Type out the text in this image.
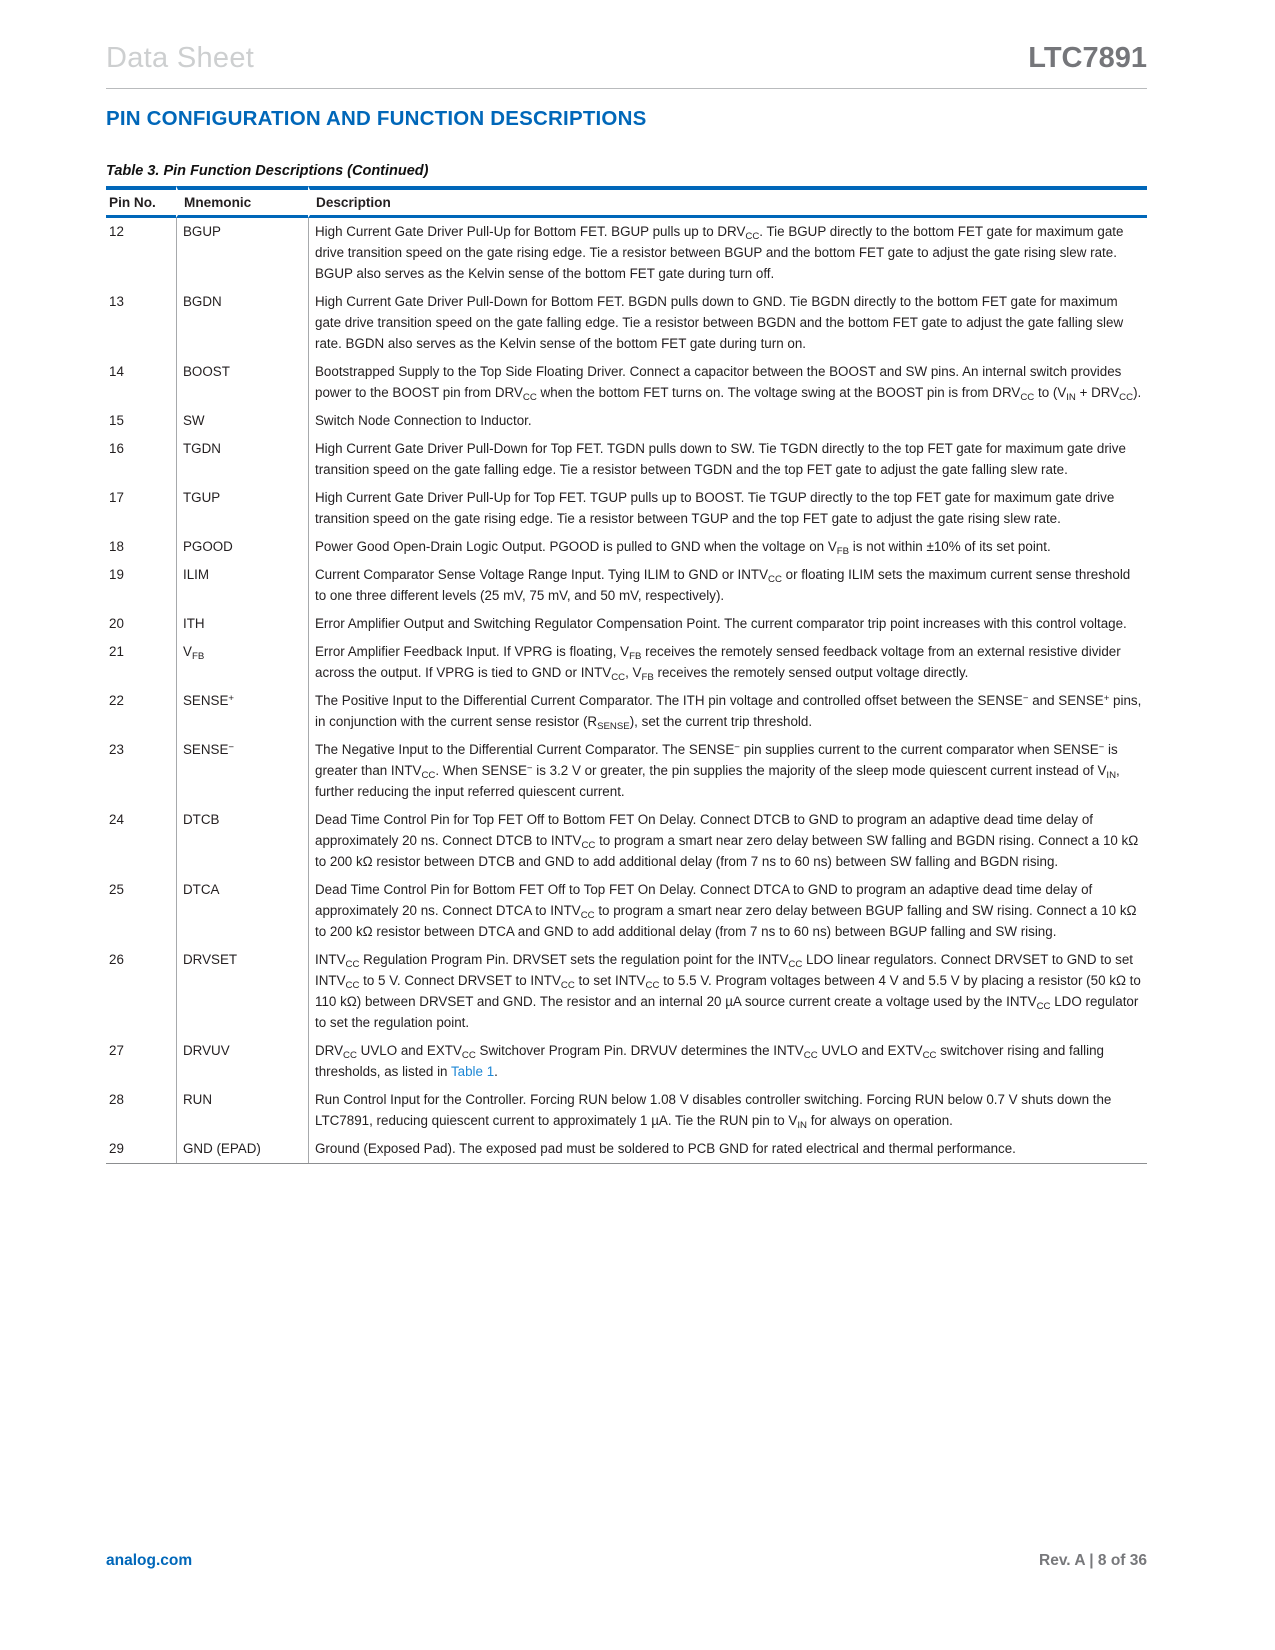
Data Sheet	LTC7891
PIN CONFIGURATION AND FUNCTION DESCRIPTIONS
Table 3. Pin Function Descriptions (Continued)
Pin No.	Mnemonic	Description
12	BGUP	High Current Gate Driver Pull-Up for Bottom FET. BGUP pulls up to $DRV_{CC}$. Tie BGUP directly to the bottom FET gate for maximum gate drive transition speed on the gate rising edge. Tie a resistor between BGUP and the bottom FET gate to adjust the gate rising slew rate. BGUP also serves as the Kelvin sense of the bottom FET gate during turn off.
13	BGDN	High Current Gate Driver Pull-Down for Bottom FET. BGDN pulls down to GND. Tie BGDN directly to the bottom FET gate for maximum gate drive transition speed on the gate falling edge. Tie a resistor between BGDN and the bottom FET gate to adjust the gate falling slew rate. BGDN also serves as the Kelvin sense of the bottom FET gate during turn on.
14	BOOST	Bootstrapped Supply to the Top Side Floating Driver. Connect a capacitor between the BOOST and SW pins. An internal switch provides power to the BOOST pin from $DRV_{CC}$ when the bottom FET turns on. The voltage swing at the BOOST pin is from $DRV_{CC}$ to $(V_{IN} + DRV_{CC})$.
15	SW	Switch Node Connection to Inductor.
16	TGDN	High Current Gate Driver Pull-Down for Top FET. TGDN pulls down to SW. Tie TGDN directly to the top FET gate for maximum gate drive transition speed on the gate falling edge. Tie a resistor between TGDN and the top FET gate to adjust the gate falling slew rate.
17	TGUP	High Current Gate Driver Pull-Up for Top FET. TGUP pulls up to BOOST. Tie TGUP directly to the top FET gate for maximum gate drive transition speed on the gate rising edge. Tie a resistor between TGUP and the top FET gate to adjust the gate rising slew rate.
18	PGOOD	Power Good Open-Drain Logic Output. PGOOD is pulled to GND when the voltage on $V_{FB}$ is not within ±10% of its set point.
19	ILIM	Current Comparator Sense Voltage Range Input. Tying ILIM to GND or $INTV_{CC}$ or floating ILIM sets the maximum current sense threshold to one three different levels (25 mV, 75 mV, and 50 mV, respectively).
20	ITH	Error Amplifier Output and Switching Regulator Compensation Point. The current comparator trip point increases with this control voltage.
21	$V_{FB}$	Error Amplifier Feedback Input. If VPRG is floating, $V_{FB}$ receives the remotely sensed feedback voltage from an external resistive divider across the output. If VPRG is tied to GND or $INTV_{CC}$, $V_{FB}$ receives the remotely sensed output voltage directly.
22	SENSE+	The Positive Input to the Differential Current Comparator. The ITH pin voltage and controlled offset between the SENSE− and SENSE+ pins, in conjunction with the current sense resistor $(R_{SENSE})$, set the current trip threshold.
23	SENSE−	The Negative Input to the Differential Current Comparator. The SENSE− pin supplies current to the current comparator when SENSE− is greater than $INTV_{CC}$. When SENSE− is 3.2 V or greater, the pin supplies the majority of the sleep mode quiescent current instead of $V_{IN}$, further reducing the input referred quiescent current.
24	DTCB	Dead Time Control Pin for Top FET Off to Bottom FET On Delay. Connect DTCB to GND to program an adaptive dead time delay of approximately 20 ns. Connect DTCB to $INTV_{CC}$ to program a smart near zero delay between SW falling and BGDN rising. Connect a 10 kΩ to 200 kΩ resistor between DTCB and GND to add additional delay (from 7 ns to 60 ns) between SW falling and BGDN rising.
25	DTCA	Dead Time Control Pin for Bottom FET Off to Top FET On Delay. Connect DTCA to GND to program an adaptive dead time delay of approximately 20 ns. Connect DTCA to $INTV_{CC}$ to program a smart near zero delay between BGUP falling and SW rising. Connect a 10 kΩ to 200 kΩ resistor between DTCA and GND to add additional delay (from 7 ns to 60 ns) between BGUP falling and SW rising.
26	DRVSET	$INTV_{CC}$ Regulation Program Pin. DRVSET sets the regulation point for the $INTV_{CC}$ LDO linear regulators. Connect DRVSET to GND to set $INTV_{CC}$ to 5 V. Connect DRVSET to $INTV_{CC}$ to set $INTV_{CC}$ to 5.5 V. Program voltages between 4 V and 5.5 V by placing a resistor (50 kΩ to 110 kΩ) between DRVSET and GND. The resistor and an internal 20 µA source current create a voltage used by the $INTV_{CC}$ LDO regulator to set the regulation point.
27	DRVUV	$DRV_{CC}$ UVLO and $EXTV_{CC}$ Switchover Program Pin. DRVUV determines the $INTV_{CC}$ UVLO and $EXTV_{CC}$ switchover rising and falling thresholds, as listed in Table 1.
28	RUN	Run Control Input for the Controller. Forcing RUN below 1.08 V disables controller switching. Forcing RUN below 0.7 V shuts down the LTC7891, reducing quiescent current to approximately 1 µA. Tie the RUN pin to $V_{IN}$ for always on operation.
29	GND (EPAD)	Ground (Exposed Pad). The exposed pad must be soldered to PCB GND for rated electrical and thermal performance.
analog.com	Rev. A | 8 of 36
